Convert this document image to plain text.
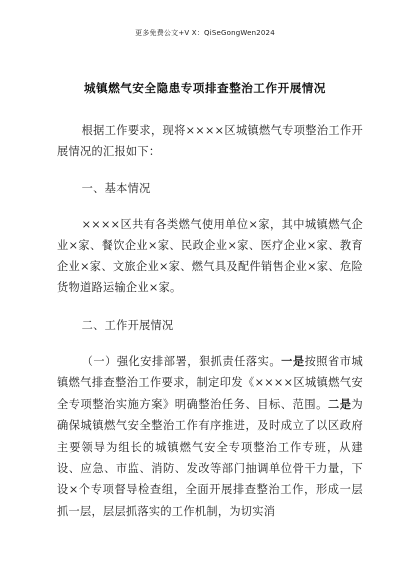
更多免费公文+V X：QiSeGongWen2024
城镇燃气安全隐患专项排查整治工作开展情况
根据工作要求，现将××××区城镇燃气专项整治工作开展情况的汇报如下：
一、基本情况
××××区共有各类燃气使用单位×家，其中城镇燃气企业×家、餐饮企业×家、民政企业×家、医疗企业×家、教育企业×家、文旅企业×家、燃气具及配件销售企业×家、危险货物道路运输企业×家。
二、工作开展情况
（一）强化安排部署，狠抓责任落实。一是按照省市城镇燃气排查整治工作要求，制定印发《××××区城镇燃气安全专项整治实施方案》明确整治任务、目标、范围。二是为确保城镇燃气安全整治工作有序推进，及时成立了以区政府主要领导为组长的城镇燃气安全专项整治工作专班，从建设、应急、市监、消防、发改等部门抽调单位骨干力量，下设×个专项督导检查组，全面开展排查整治工作，形成一层抓一层，层层抓落实的工作机制，为切实消
